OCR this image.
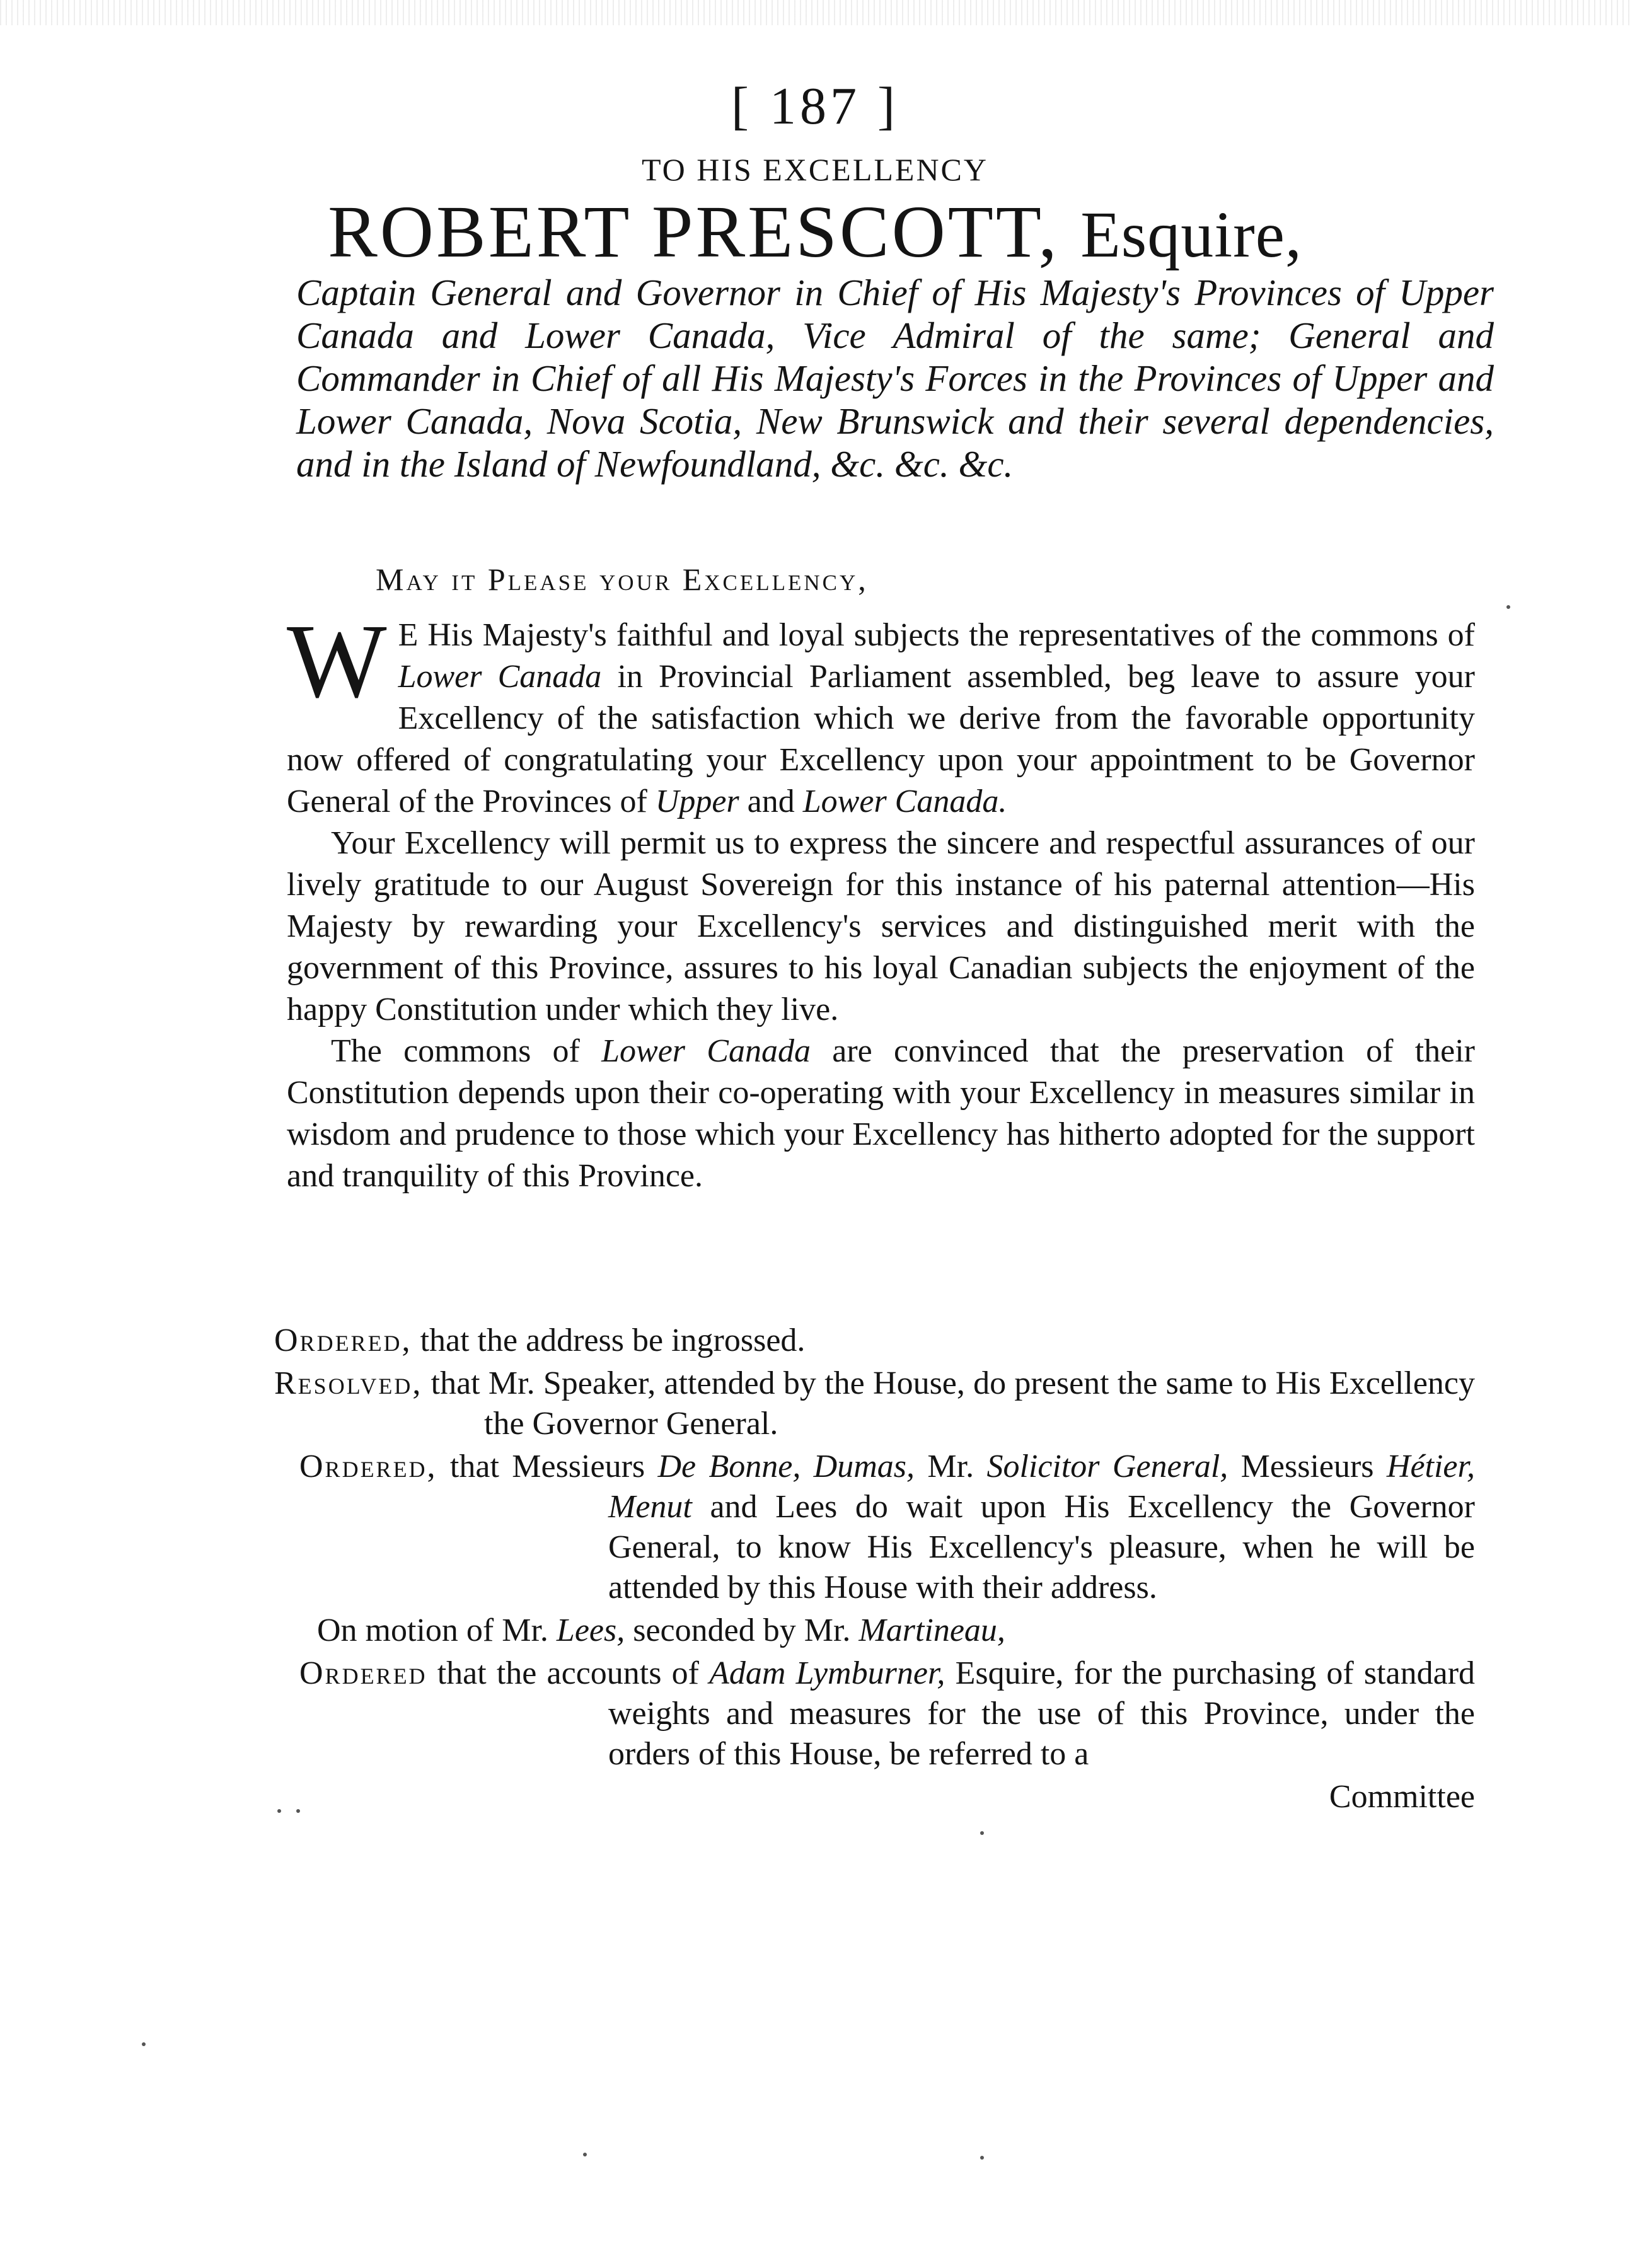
[ 187 ]
TO HIS EXCELLENCY
ROBERT PRESCOTT, Esquire,
Captain General and Governor in Chief of His Majesty's Provinces of Upper Canada and Lower Canada, Vice Admiral of the same; General and Commander in Chief of all His Majesty's Forces in the Provinces of Upper and Lower Canada, Nova Scotia, New Brunswick and their several dependencies, and in the Island of Newfoundland, &c. &c. &c.
May it Please your Excellency,

W E His Majesty's faithful and loyal subjects the representatives of the commons of Lower Canada in Provincial Parliament assembled, beg leave to assure your Excellency of the satisfaction which we derive from the favorable opportunity now offered of congratulating your Excellency upon your appointment to be Governor General of the Provinces of Upper and Lower Canada.

Your Excellency will permit us to express the sincere and respectful assurances of our lively gratitude to our August Sovereign for this instance of his paternal attention—His Majesty by rewarding your Excellency's services and distinguished merit with the government of this Province, assures to his loyal Canadian subjects the enjoyment of the happy Constitution under which they live.

The commons of Lower Canada are convinced that the preservation of their Constitution depends upon their co-operating with your Excellency in measures similar in wisdom and prudence to those which your Excellency has hitherto adopted for the support and tranquility of this Province.

Ordered, that the address be ingrossed.
Resolved, that Mr. Speaker, attended by the House, do present the same to His Excellency the Governor General.
Ordered, that Messieurs De Bonne, Dumas, Mr. Solicitor General, Messieurs Hétier, Menut and Lees do wait upon His Excellency the Governor General, to know His Excellency's pleasure, when he will be attended by this House with their address.
On motion of Mr. Lees, seconded by Mr. Martineau,
Ordered that the accounts of Adam Lymburner, Esquire, for the purchasing of standard weights and measures for the use of this Province, under the orders of this House, be referred to a
Committee
